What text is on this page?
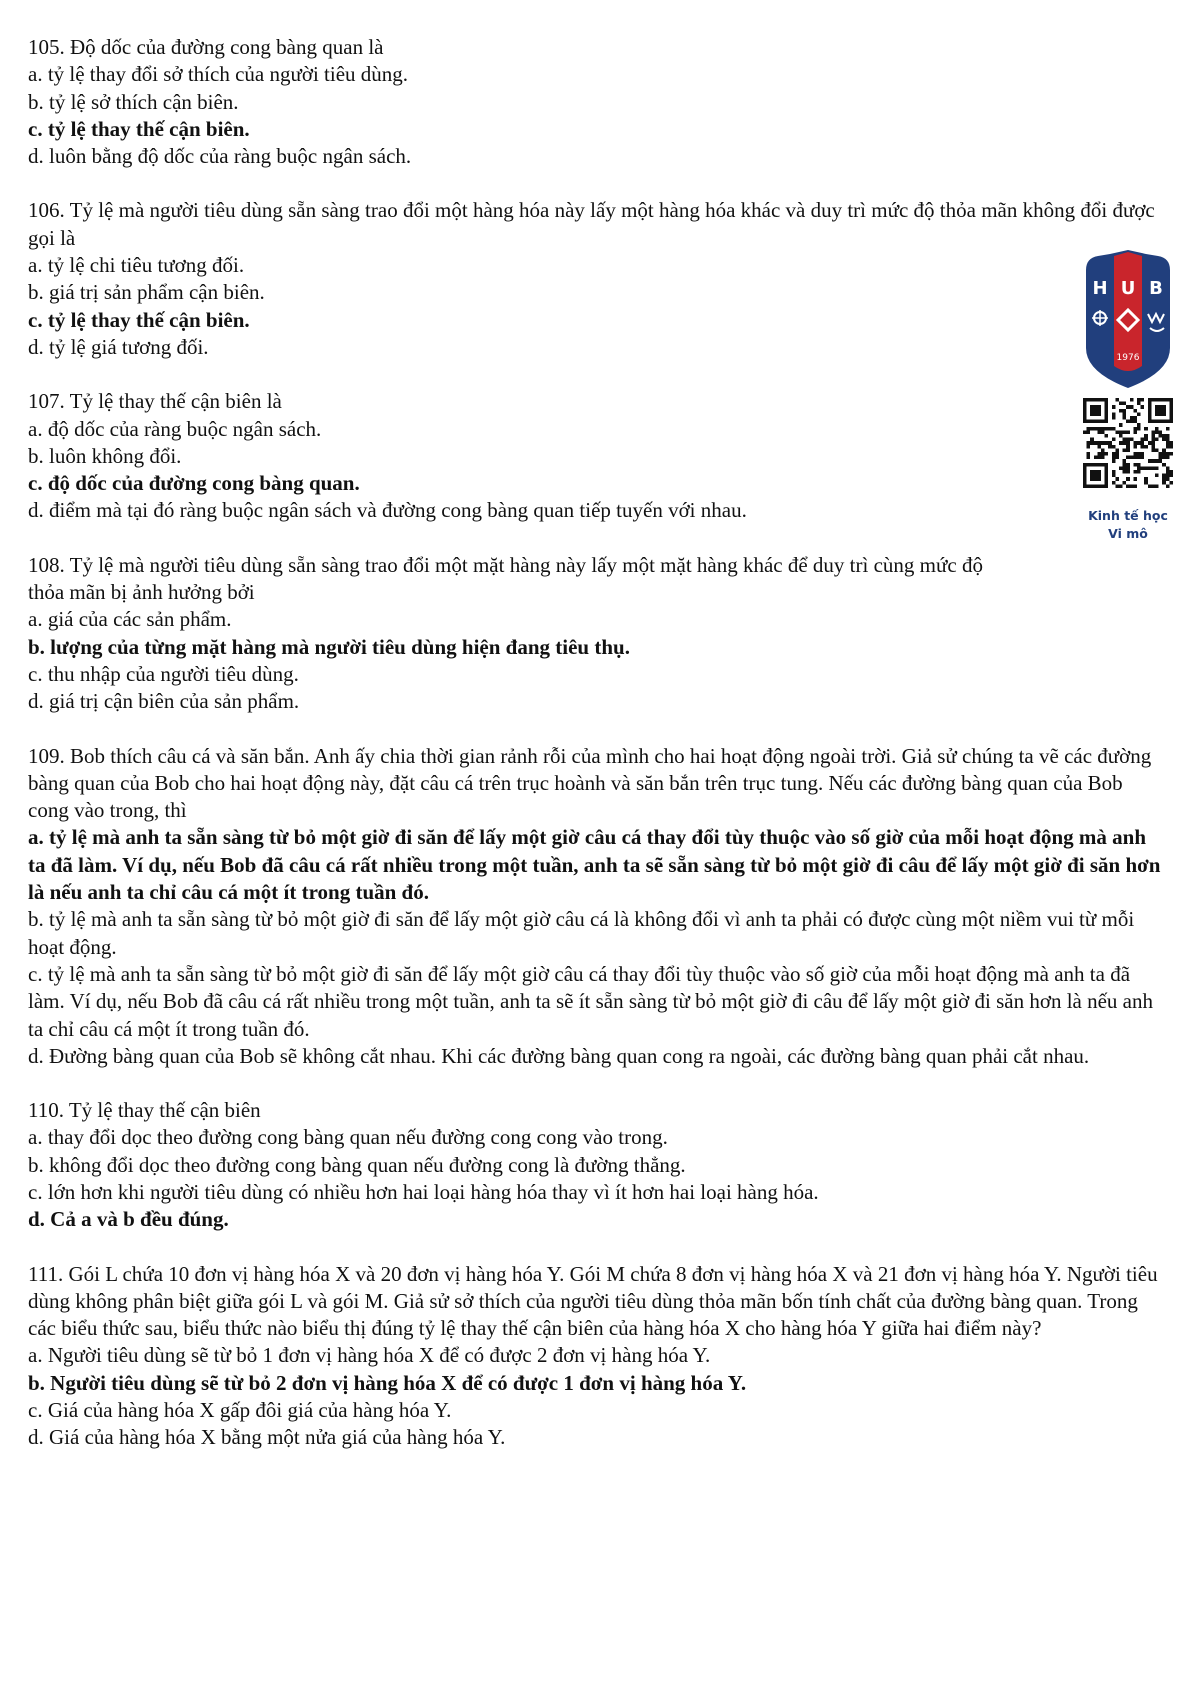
105. Độ dốc của đường cong bàng quan là
a. tỷ lệ thay đổi sở thích của người tiêu dùng.
b. tỷ lệ sở thích cận biên.
c. tỷ lệ thay thế cận biên.
d. luôn bằng độ dốc của ràng buộc ngân sách.
106. Tỷ lệ mà người tiêu dùng sẵn sàng trao đổi một hàng hóa này lấy một hàng hóa khác và duy trì mức độ thỏa mãn không đổi được gọi là
a. tỷ lệ chi tiêu tương đối.
b. giá trị sản phẩm cận biên.
c. tỷ lệ thay thế cận biên.
d. tỷ lệ giá tương đối.
107. Tỷ lệ thay thế cận biên là
a. độ dốc của ràng buộc ngân sách.
b. luôn không đổi.
c. độ dốc của đường cong bàng quan.
d. điểm mà tại đó ràng buộc ngân sách và đường cong bàng quan tiếp tuyến với nhau.
108. Tỷ lệ mà người tiêu dùng sẵn sàng trao đổi một mặt hàng này lấy một mặt hàng khác để duy trì cùng mức độ thỏa mãn bị ảnh hưởng bởi
a. giá của các sản phẩm.
b. lượng của từng mặt hàng mà người tiêu dùng hiện đang tiêu thụ.
c. thu nhập của người tiêu dùng.
d. giá trị cận biên của sản phẩm.
109. Bob thích câu cá và săn bắn. Anh ấy chia thời gian rảnh rỗi của mình cho hai hoạt động ngoài trời. Giả sử chúng ta vẽ các đường bàng quan của Bob cho hai hoạt động này, đặt câu cá trên trục hoành và săn bắn trên trục tung. Nếu các đường bàng quan của Bob cong vào trong, thì
a. tỷ lệ mà anh ta sẵn sàng từ bỏ một giờ đi săn để lấy một giờ câu cá thay đổi tùy thuộc vào số giờ của mỗi hoạt động mà anh ta đã làm. Ví dụ, nếu Bob đã câu cá rất nhiều trong một tuần, anh ta sẽ sẵn sàng từ bỏ một giờ đi câu để lấy một giờ đi săn hơn là nếu anh ta chỉ câu cá một ít trong tuần đó.
b. tỷ lệ mà anh ta sẵn sàng từ bỏ một giờ đi săn để lấy một giờ câu cá là không đổi vì anh ta phải có được cùng một niềm vui từ mỗi hoạt động.
c. tỷ lệ mà anh ta sẵn sàng từ bỏ một giờ đi săn để lấy một giờ câu cá thay đổi tùy thuộc vào số giờ của mỗi hoạt động mà anh ta đã làm. Ví dụ, nếu Bob đã câu cá rất nhiều trong một tuần, anh ta sẽ ít sẵn sàng từ bỏ một giờ đi câu để lấy một giờ đi săn hơn là nếu anh ta chỉ câu cá một ít trong tuần đó.
d. Đường bàng quan của Bob sẽ không cắt nhau. Khi các đường bàng quan cong ra ngoài, các đường bàng quan phải cắt nhau.
110. Tỷ lệ thay thế cận biên
a. thay đổi dọc theo đường cong bàng quan nếu đường cong cong vào trong.
b. không đổi dọc theo đường cong bàng quan nếu đường cong là đường thẳng.
c. lớn hơn khi người tiêu dùng có nhiều hơn hai loại hàng hóa thay vì ít hơn hai loại hàng hóa.
d. Cả a và b đều đúng.
111. Gói L chứa 10 đơn vị hàng hóa X và 20 đơn vị hàng hóa Y. Gói M chứa 8 đơn vị hàng hóa X và 21 đơn vị hàng hóa Y. Người tiêu dùng không phân biệt giữa gói L và gói M. Giả sử sở thích của người tiêu dùng thỏa mãn bốn tính chất của đường bàng quan. Trong các biểu thức sau, biểu thức nào biểu thị đúng tỷ lệ thay thế cận biên của hàng hóa X cho hàng hóa Y giữa hai điểm này?
a. Người tiêu dùng sẽ từ bỏ 1 đơn vị hàng hóa X để có được 2 đơn vị hàng hóa Y.
b. Người tiêu dùng sẽ từ bỏ 2 đơn vị hàng hóa X để có được 1 đơn vị hàng hóa Y.
c. Giá của hàng hóa X gấp đôi giá của hàng hóa Y.
d. Giá của hàng hóa X bằng một nửa giá của hàng hóa Y.
H U B
1976
Kinh tế học
Vi mô
